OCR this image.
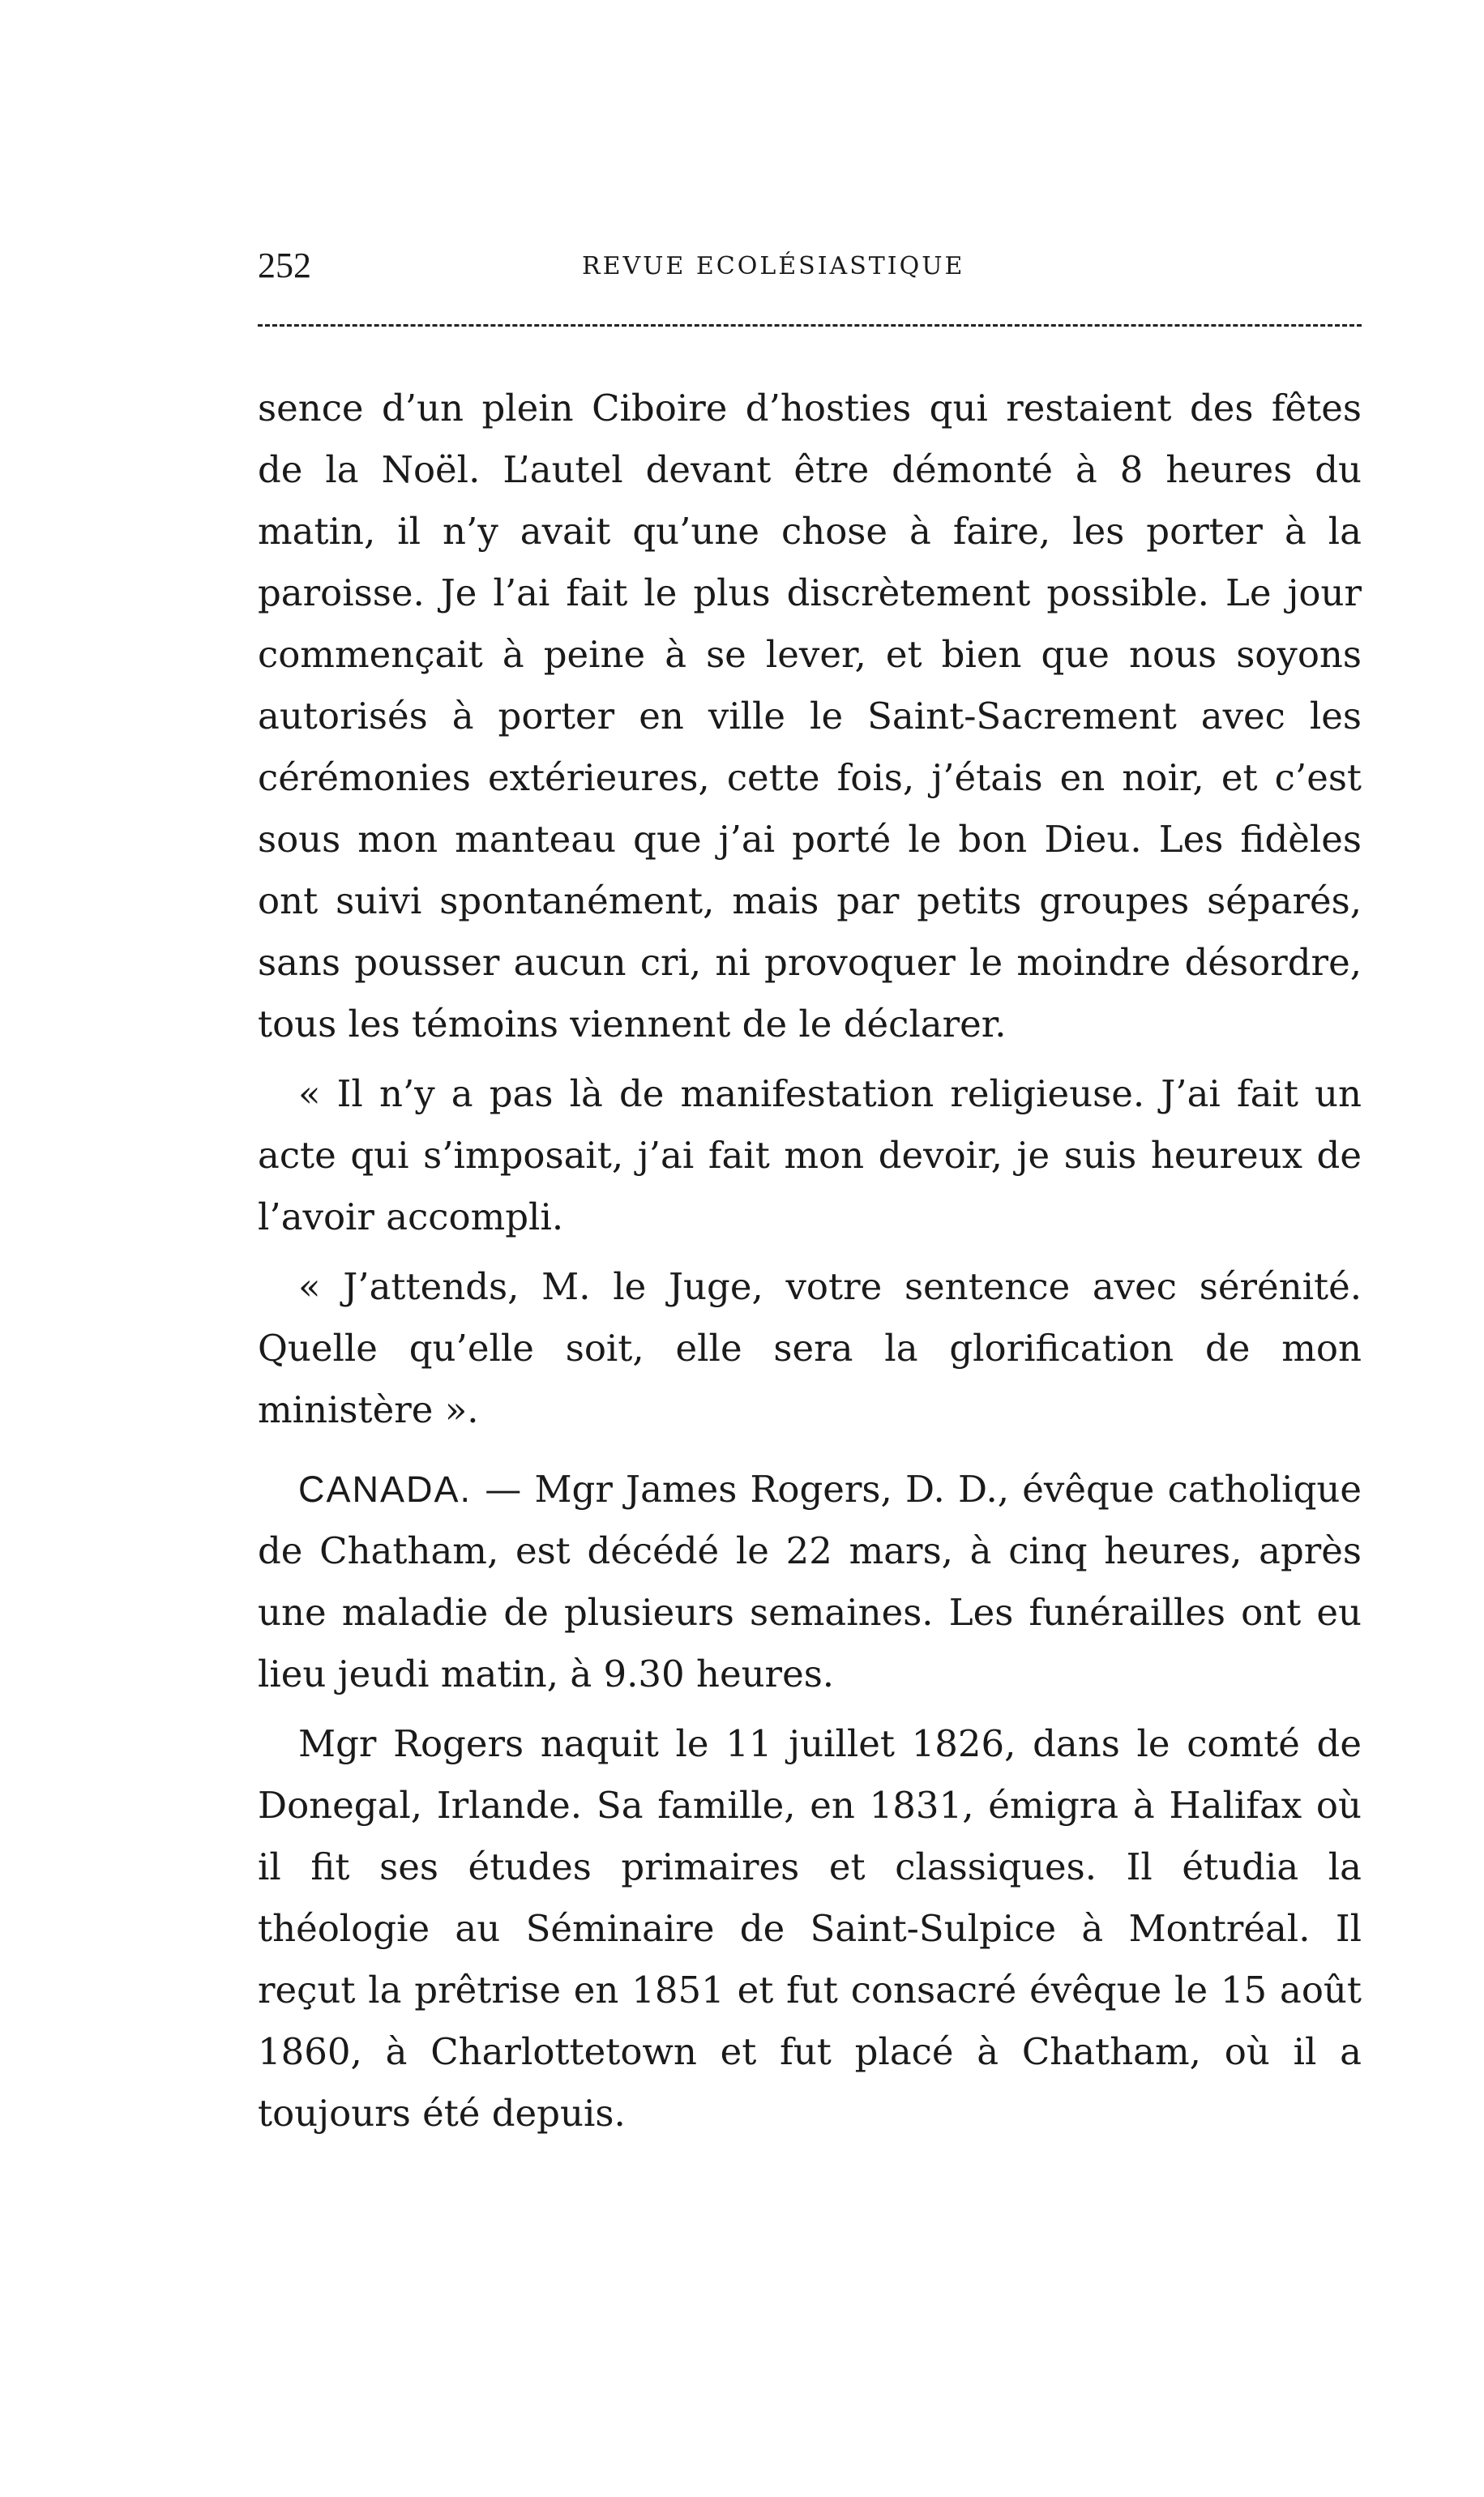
252	REVUE ECOLÉSIASTIQUE

sence d’un plein Ciboire d’hosties qui restaient des fêtes de la Noël. L’autel devant être démonté à 8 heures du matin, il n’y avait qu’une chose à faire, les porter à la paroisse. Je l’ai fait le plus discrètement possible. Le jour commençait à peine à se lever, et bien que nous soyons autorisés à porter en ville le Saint-Sacrement avec les cérémonies extérieures, cette fois, j’étais en noir, et c’est sous mon manteau que j’ai porté le bon Dieu. Les fidèles ont suivi spontanément, mais par petits groupes séparés, sans pousser aucun cri, ni provoquer le moindre désordre, tous les témoins viennent de le déclarer.

« Il n’y a pas là de manifestation religieuse. J’ai fait un acte qui s’imposait, j’ai fait mon devoir, je suis heureux de l’avoir accompli.

« J’attends, M. le Juge, votre sentence avec sérénité. Quelle qu’elle soit, elle sera la glorification de mon ministère ».

CANADA. — Mgr James Rogers, D. D., évêque catholique de Chatham, est décédé le 22 mars, à cinq heures, après une maladie de plusieurs semaines. Les funérailles ont eu lieu jeudi matin, à 9.30 heures.

Mgr Rogers naquit le 11 juillet 1826, dans le comté de Donegal, Irlande. Sa famille, en 1831, émigra à Halifax où il fit ses études primaires et classiques. Il étudia la théologie au Séminaire de Saint-Sulpice à Montréal. Il reçut la prêtrise en 1851 et fut consacré évêque le 15 août 1860, à Charlottetown et fut placé à Chatham, où il a toujours été depuis.
